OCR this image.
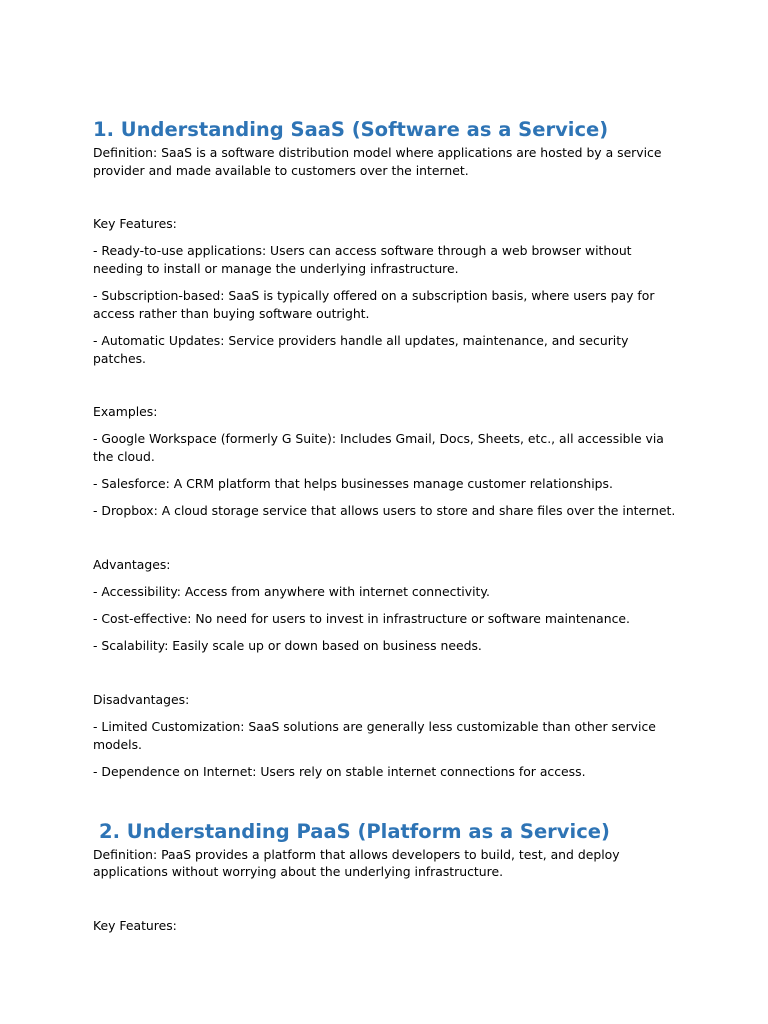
1. Understanding SaaS (Software as a Service)

Definition: SaaS is a software distribution model where applications are hosted by a service provider and made available to customers over the internet.

Key Features:

- Ready-to-use applications: Users can access software through a web browser without needing to install or manage the underlying infrastructure.

- Subscription-based: SaaS is typically offered on a subscription basis, where users pay for access rather than buying software outright.

- Automatic Updates: Service providers handle all updates, maintenance, and security patches.

Examples:

- Google Workspace (formerly G Suite): Includes Gmail, Docs, Sheets, etc., all accessible via the cloud.

- Salesforce: A CRM platform that helps businesses manage customer relationships.

- Dropbox: A cloud storage service that allows users to store and share files over the internet.

Advantages:

- Accessibility: Access from anywhere with internet connectivity.

- Cost-effective: No need for users to invest in infrastructure or software maintenance.

- Scalability: Easily scale up or down based on business needs.

Disadvantages:

- Limited Customization: SaaS solutions are generally less customizable than other service models.

- Dependence on Internet: Users rely on stable internet connections for access.

2. Understanding PaaS (Platform as a Service)

Definition: PaaS provides a platform that allows developers to build, test, and deploy applications without worrying about the underlying infrastructure.

Key Features:
